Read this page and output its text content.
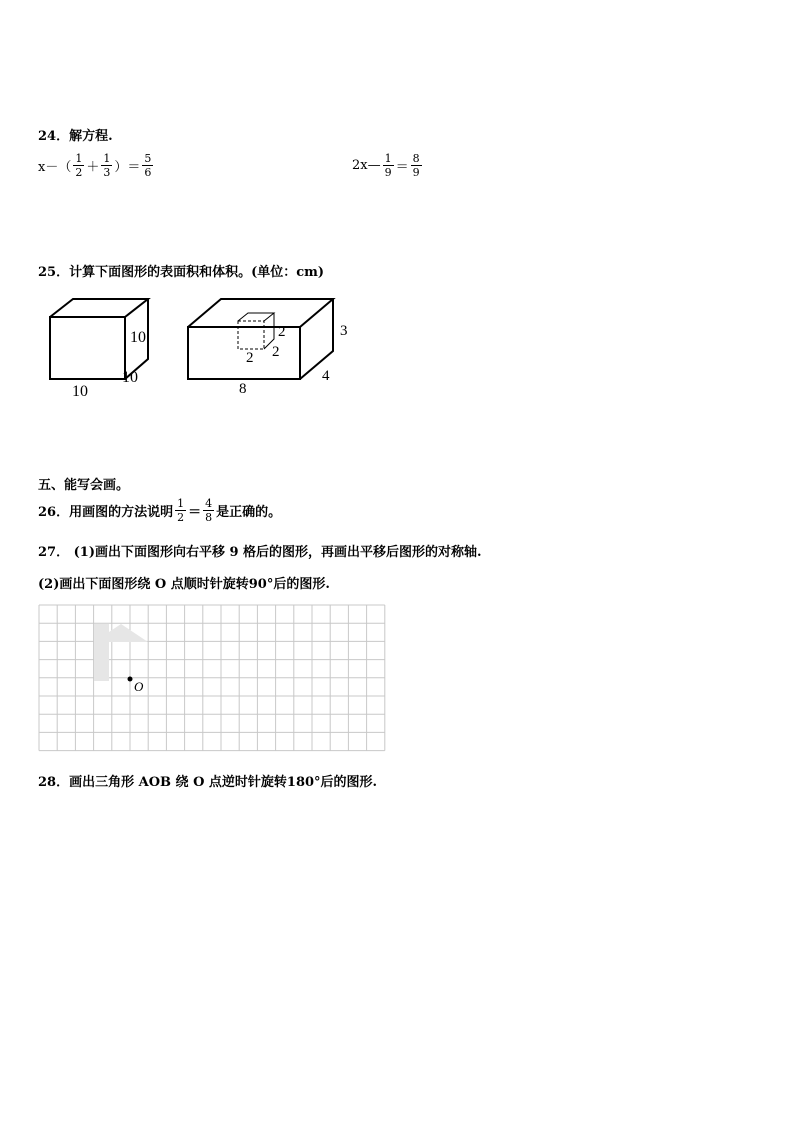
24．解方程.
$x-( \frac{1}{2} + \frac{1}{3}$ ）＝ $\frac{5}{6}$	2x— $\frac{1}{9} = \frac{8}{9}$
25．计算下面图形的表面积和体积。(单位：cm)
10
10
10
2
2
2
3
4
8
五、能写会画。
26．用画图的方法说明 $\frac{1}{2} = \frac{4}{8}$ 是正确的。
27． (1)画出下面图形向右平移 9 格后的图形，再画出平移后图形的对称轴.
(2)画出下面图形绕 O 点顺时针旋转90°后的图形.
O
28．画出三角形 AOB 绕 O 点逆时针旋转180°后的图形.
